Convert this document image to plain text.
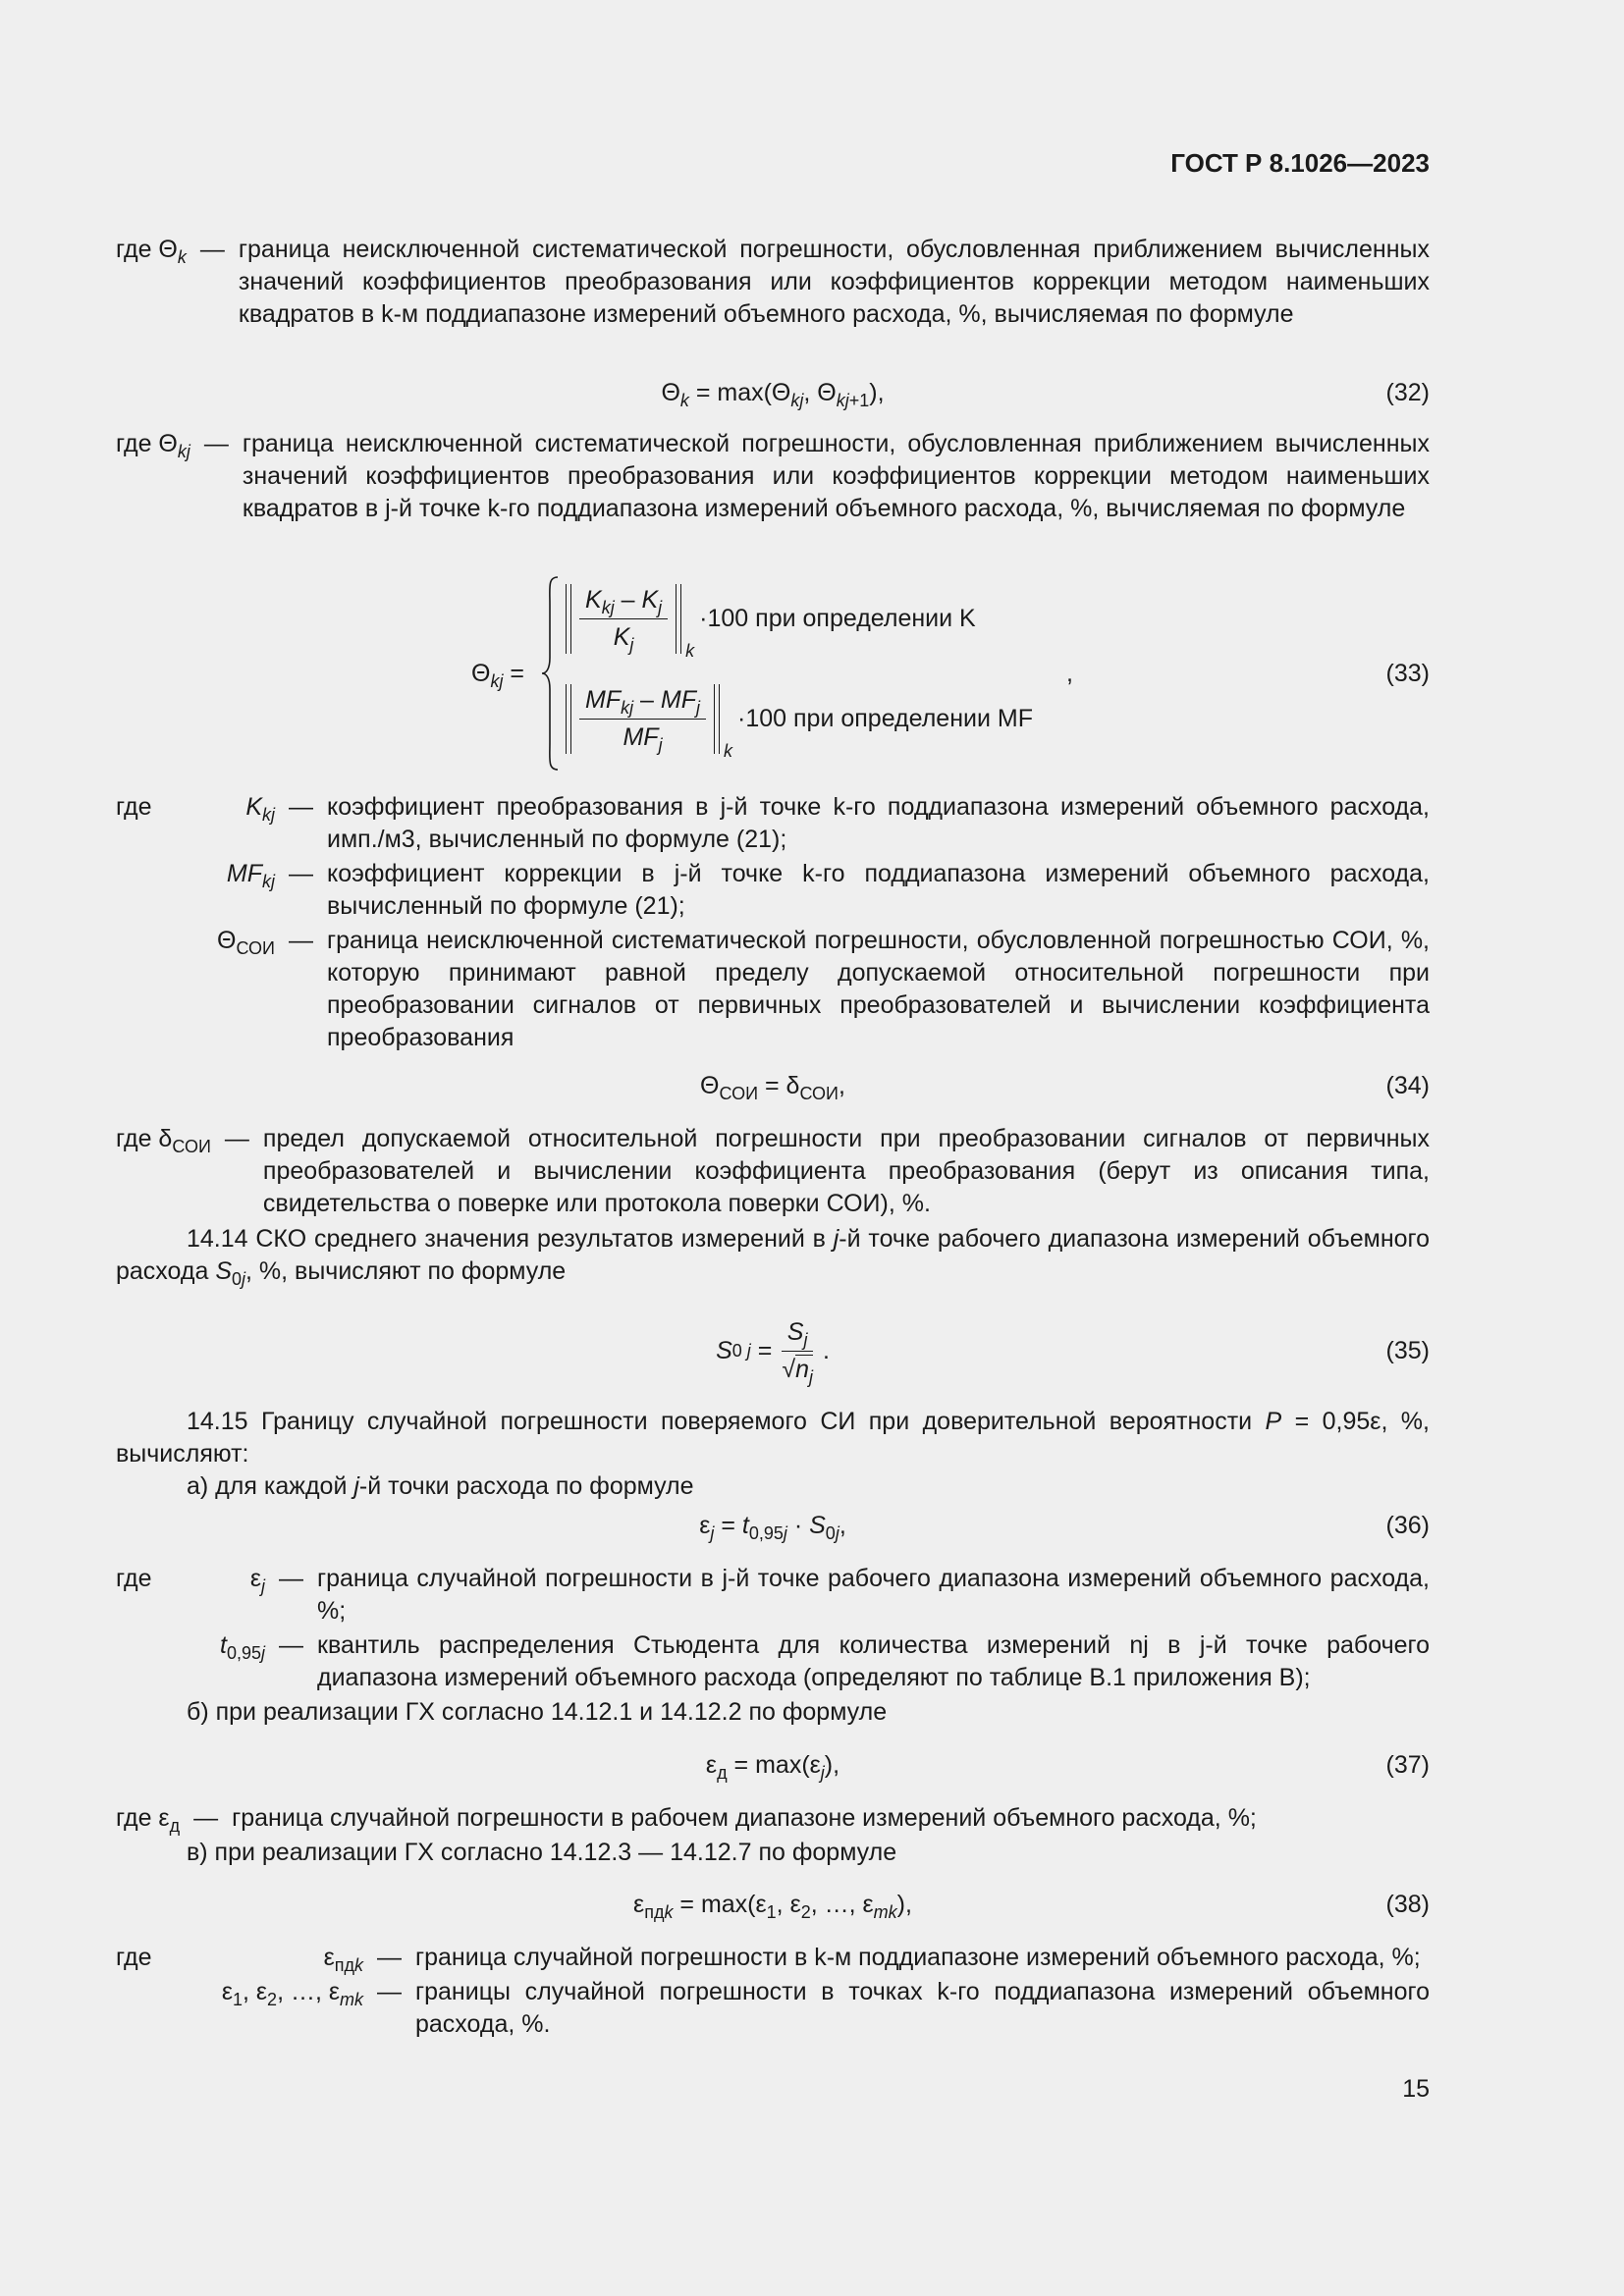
ГОСТ Р 8.1026—2023
где $\Theta_k$ — граница неисключенной систематической погрешности, обусловленная приближением вычисленных значений коэффициентов преобразования или коэффициентов коррекции методом наименьших квадратов в k-м поддиапазоне измерений объемного расхода, %, вычисляемая по формуле
$\Theta_k = \max(\Theta_{kj}$, $\Theta_{kj+1}$),	(32)
где $\Theta_{kj}$ — граница неисключенной систематической погрешности, обусловленная приближением вычисленных значений коэффициентов преобразования или коэффициентов коррекции методом наименьших квадратов в j-й точке k-го поддиапазона измерений объемного расхода, %, вычисляемая по формуле
$\Theta_{kj}$ =
$\frac{K_{kj} - K_j}{K_j}$ k
·100 при определении K
$\frac{MF_{kj} - MF_j}{MF_j}$ k
·100 при определении MF
,	(33)
где	$K_{kj}$ — коэффициент преобразования в j-й точке k-го поддиапазона измерений объемного расхода, имп./м3, вычисленный по формуле (21);
$MF_{kj}$ — коэффициент коррекции в j-й точке k-го поддиапазона измерений объемного расхода, вычисленный по формуле (21);
$\Theta_{СОИ}$ — граница неисключенной систематической погрешности, обусловленной погрешностью СОИ, %, которую принимают равной пределу допускаемой относительной погрешности при преобразовании сигналов от первичных преобразователей и вычислении коэффициента преобразования
$\Theta_{СОИ} = \delta_{СОИ}$,	(34)
где $\delta_{СОИ}$ — предел допускаемой относительной погрешности при преобразовании сигналов от первичных преобразователей и вычислении коэффициента преобразования (берут из описания типа, свидетельства о поверке или протокола поверки СОИ), %.

14.14 СКО среднего значения результатов измерений в j-й точке рабочего диапазона измерений объемного расхода $S_{0j}$, %, вычисляют по формуле

S 0 $j = \frac{S_j}{√n_j}$ .	(35)

14.15 Границу случайной погрешности поверяемого СИ при доверительной вероятности P = 0,95ε, %, вычисляют:

а) для каждой j-й точки расхода по формуле

$\varepsilon_j = t_{0,95j} \cdot S_{0j}$,	(36)
где	$\varepsilon_j$ — граница случайной погрешности в j-й точке рабочего диапазона измерений объемного расхода, %;
$t_{0,95j}$ — квантиль распределения Стьюдента для количества измерений nj в j-й точке рабочего диапазона измерений объемного расхода (определяют по таблице В.1 приложения В);

б) при реализации ГХ согласно 14.12.1 и 14.12.2 по формуле

$\varepsilon_д = \max(\varepsilon_j)$,	(37)
где $\varepsilon_д$ — граница случайной погрешности в рабочем диапазоне измерений объемного расхода, %;

в) при реализации ГХ согласно 14.12.3 — 14.12.7 по формуле

$\varepsilon_{пдk} = \max(\varepsilon_1$, $\varepsilon_2$, …, $\varepsilon_{mk}$),	(38)
где	$\varepsilon_{пдk}$ — граница случайной погрешности в k-м поддиапазоне измерений объемного расхода, %;
$\varepsilon_1$, $\varepsilon_2$, …, $\varepsilon_{mk}$ — границы случайной погрешности в точках k-го поддиапазона измерений объемного расхода, %.
15
